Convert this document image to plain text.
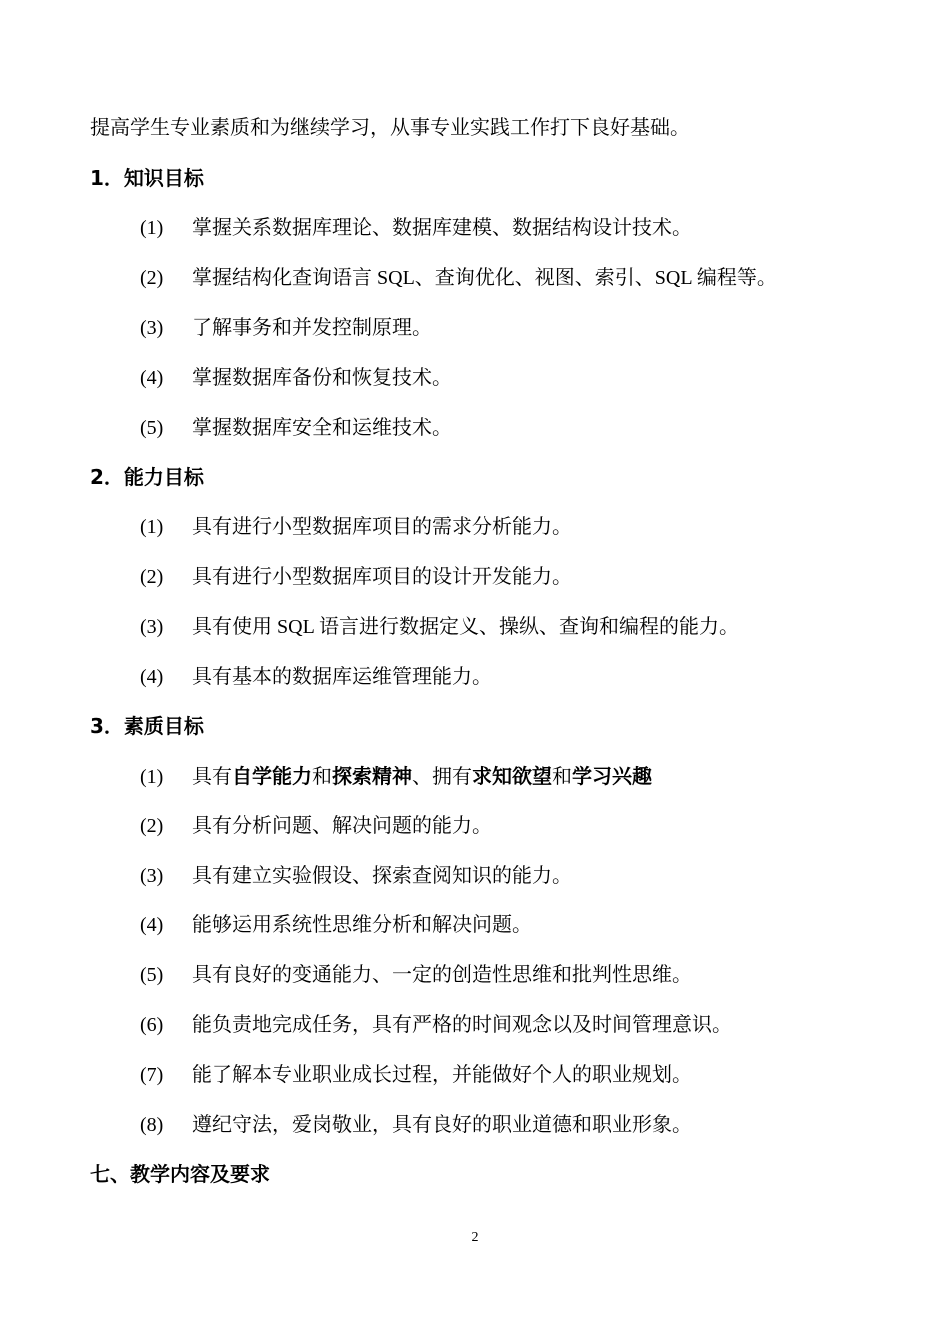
提高学生专业素质和为继续学习，从事专业实践工作打下良好基础。
1．知识目标
(1) 掌握关系数据库理论、数据库建模、数据结构设计技术。
(2) 掌握结构化查询语言 SQL、查询优化、视图、索引、SQL 编程等。
(3) 了解事务和并发控制原理。
(4) 掌握数据库备份和恢复技术。
(5) 掌握数据库安全和运维技术。
2．能力目标
(1) 具有进行小型数据库项目的需求分析能力。
(2) 具有进行小型数据库项目的设计开发能力。
(3) 具有使用 SQL 语言进行数据定义、操纵、查询和编程的能力。
(4) 具有基本的数据库运维管理能力。
3．素质目标
(1) 具有自学能力和探索精神、拥有求知欲望和学习兴趣
(2) 具有分析问题、解决问题的能力。
(3) 具有建立实验假设、探索查阅知识的能力。
(4) 能够运用系统性思维分析和解决问题。
(5) 具有良好的变通能力、一定的创造性思维和批判性思维。
(6) 能负责地完成任务，具有严格的时间观念以及时间管理意识。
(7) 能了解本专业职业成长过程，并能做好个人的职业规划。
(8) 遵纪守法，爱岗敬业，具有良好的职业道德和职业形象。
七、教学内容及要求
2
